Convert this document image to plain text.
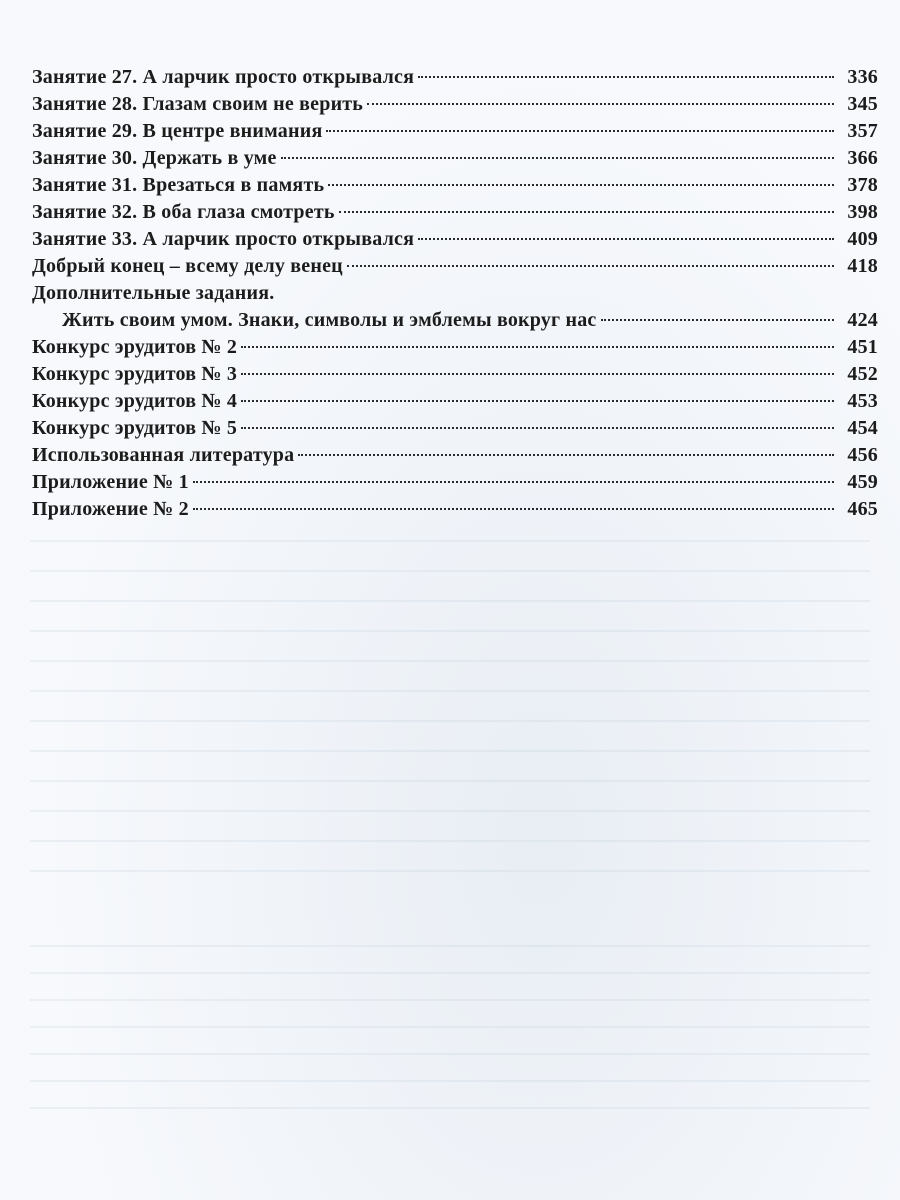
Занятие 27. А ларчик просто открывался	336
Занятие 28. Глазам своим не верить	345
Занятие 29. В центре внимания	357
Занятие 30. Держать в уме	366
Занятие 31. Врезаться в память	378
Занятие 32. В оба глаза смотреть	398
Занятие 33. А ларчик просто открывался	409
Добрый конец – всему делу венец	418
Дополнительные задания.
Жить своим умом. Знаки, символы и эмблемы вокруг нас	424
Конкурс эрудитов № 2	451
Конкурс эрудитов № 3	452
Конкурс эрудитов № 4	453
Конкурс эрудитов № 5	454
Использованная литература	456
Приложение № 1	459
Приложение № 2	465
